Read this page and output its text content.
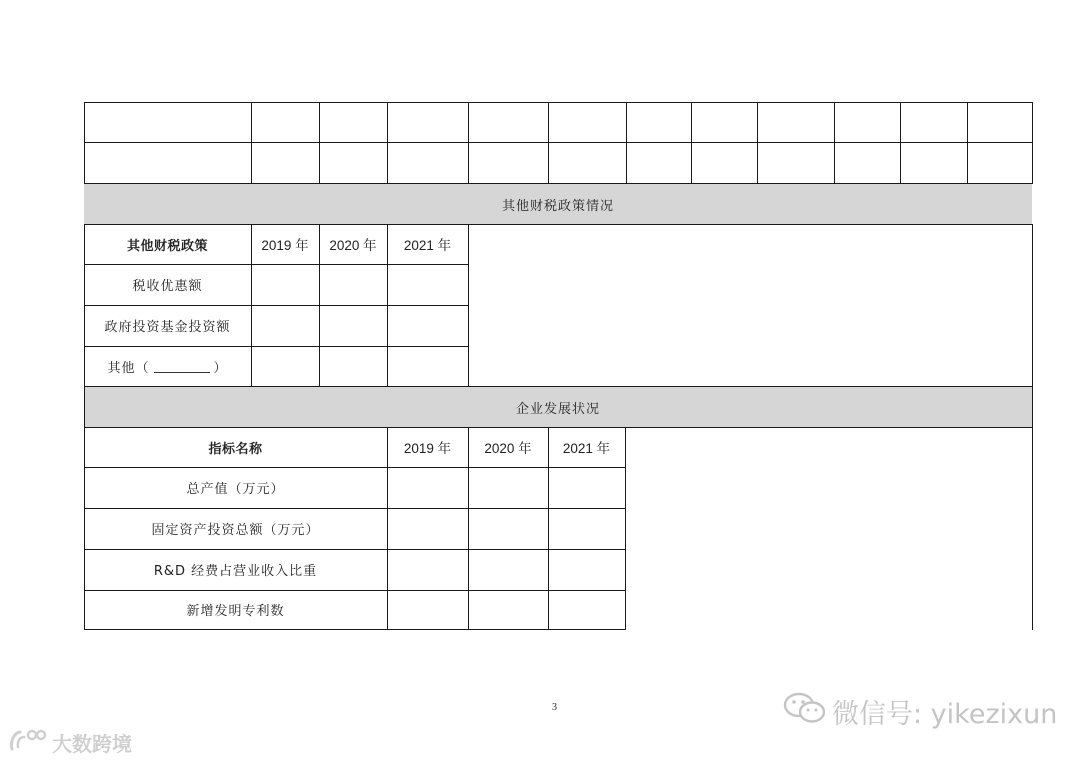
其他财税政策情况
其他财税政策	2019 年	2020 年	2021 年
税收优惠额
政府投资基金投资额
其他（	）
企业发展状况
指标名称	2019 年	2020 年	2021 年
总产值（万元）
固定资产投资总额（万元）
R&D 经费占营业收入比重
新增发明专利数
3	微信号: yikezixun
大数跨境
